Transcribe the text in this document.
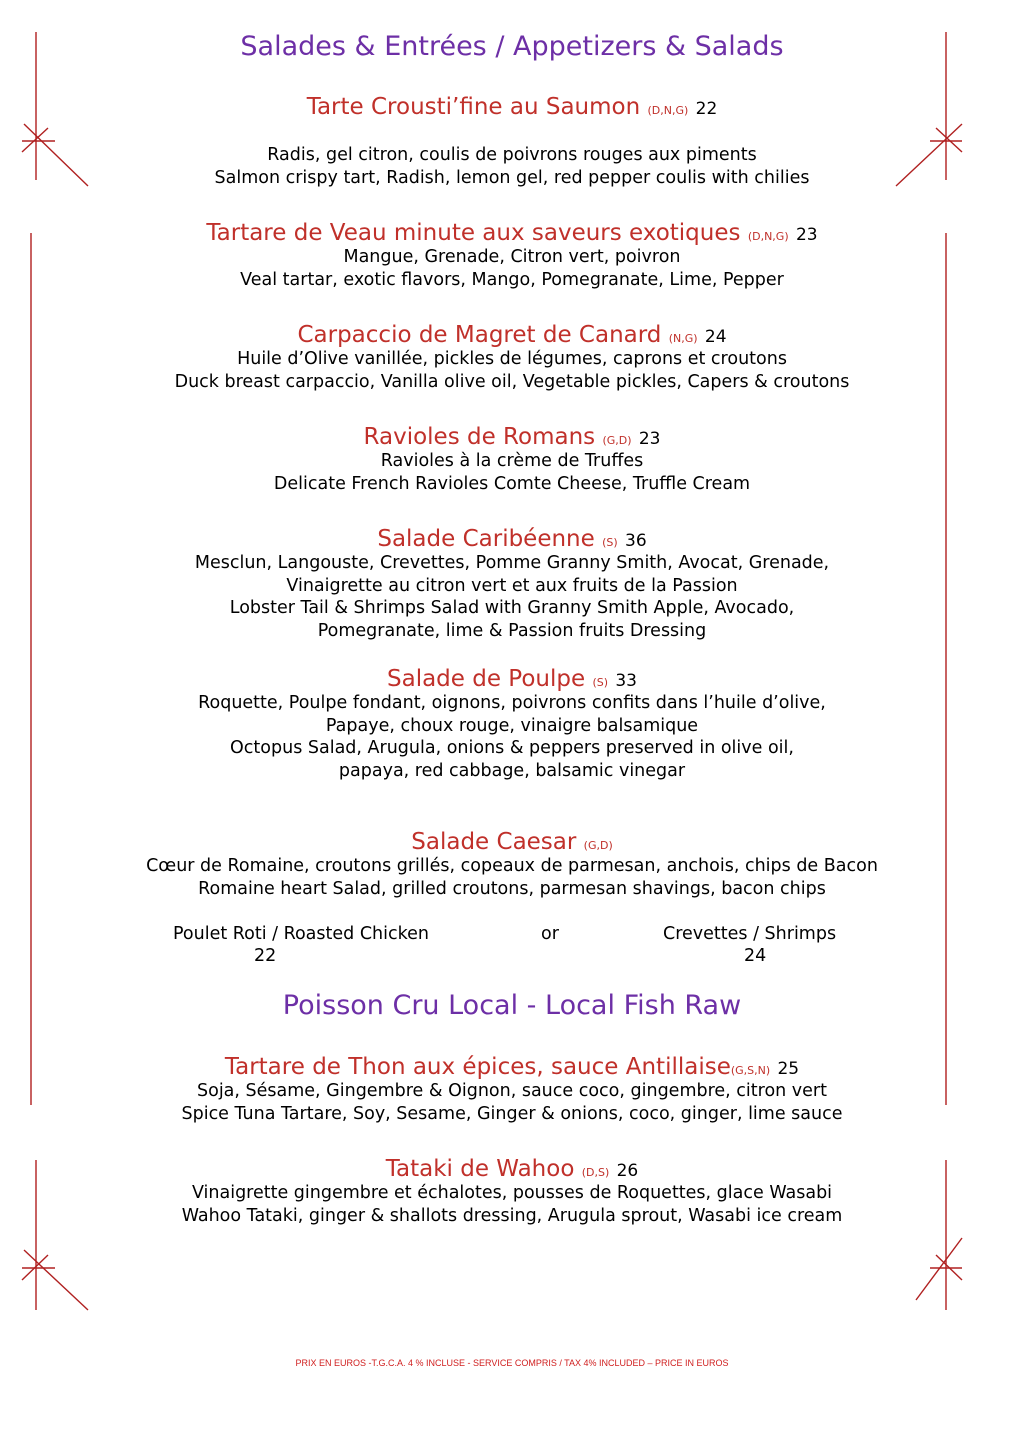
Salades & Entrées / Appetizers & Salads
Tarte Crousti’fine au Saumon (D,N,G) 22
Radis, gel citron, coulis de poivrons rouges aux piments
Salmon crispy tart, Radish, lemon gel, red pepper coulis with chilies
Tartare de Veau minute aux saveurs exotiques (D,N,G) 23
Mangue, Grenade, Citron vert, poivron
Veal tartar, exotic flavors, Mango, Pomegranate, Lime, Pepper
Carpaccio de Magret de Canard (N,G) 24
Huile d’Olive vanillée, pickles de légumes, caprons et croutons
Duck breast carpaccio, Vanilla olive oil, Vegetable pickles, Capers & croutons
Ravioles de Romans (G,D) 23
Ravioles à la crème de Truffes
Delicate French Ravioles Comte Cheese, Truffle Cream
Salade Caribéenne (S) 36
Mesclun, Langouste, Crevettes, Pomme Granny Smith, Avocat, Grenade,
Vinaigrette au citron vert et aux fruits de la Passion
Lobster Tail & Shrimps Salad with Granny Smith Apple, Avocado,
Pomegranate, lime & Passion fruits Dressing
Salade de Poulpe (S) 33
Roquette, Poulpe fondant, oignons, poivrons confits dans l’huile d’olive,
Papaye, choux rouge, vinaigre balsamique
Octopus Salad, Arugula, onions & peppers preserved in olive oil,
papaya, red cabbage, balsamic vinegar
Salade Caesar (G,D)
Cœur de Romaine, croutons grillés, copeaux de parmesan, anchois, chips de Bacon
Romaine heart Salad, grilled croutons, parmesan shavings, bacon chips
Poulet Roti / Roasted Chicken
22
or	Crevettes / Shrimps
24
Poisson Cru Local - Local Fish Raw
Tartare de Thon aux épices, sauce Antillaise(G,S,N) 25
Soja, Sésame, Gingembre & Oignon, sauce coco, gingembre, citron vert
Spice Tuna Tartare, Soy, Sesame, Ginger & onions, coco, ginger, lime sauce
Tataki de Wahoo (D,S) 26
Vinaigrette gingembre et échalotes, pousses de Roquettes, glace Wasabi
Wahoo Tataki, ginger & shallots dressing, Arugula sprout, Wasabi ice cream
PRIX EN EUROS -T.G.C.A. 4 % INCLUSE - SERVICE COMPRIS / TAX 4% INCLUDED – PRICE IN EUROS
